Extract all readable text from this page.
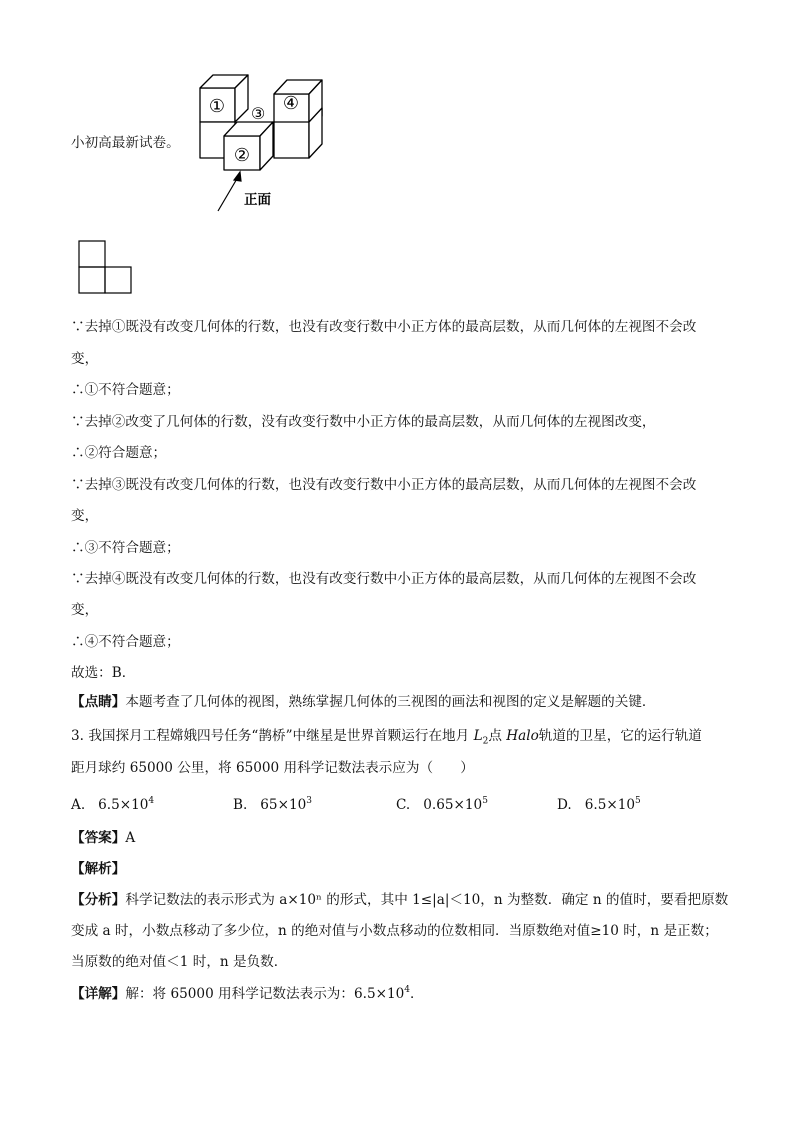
小初高最新试卷。
①
②
③ ④
正面
∵去掉①既没有改变几何体的行数，也没有改变行数中小正方体的最高层数，从而几何体的左视图不会改
变，
∴①不符合题意；
∵去掉②改变了几何体的行数，没有改变行数中小正方体的最高层数，从而几何体的左视图改变，
∴②符合题意；
∵去掉③既没有改变几何体的行数，也没有改变行数中小正方体的最高层数，从而几何体的左视图不会改
变，
∴③不符合题意；
∵去掉④既没有改变几何体的行数，也没有改变行数中小正方体的最高层数，从而几何体的左视图不会改
变，
∴④不符合题意；
故选：B．
【点睛】本题考查了几何体的视图，熟练掌握几何体的三视图的画法和视图的定义是解题的关键．
3. 我国探月工程嫦娥四号任务“鹊桥”中继星是世界首颗运行在地月 $L_2$点 Halo轨道的卫星，它的运行轨道
距月球约 65000 公里，将 65000 用科学记数法表示应为（　　）
A. $6.5\times 10^4$	B. $65\times 10^3$	C. $0.65\times 10^5$	D. $6.5\times 10^5$
【答案】A
【解析】
【分析】科学记数法的表示形式为 a×10ⁿ 的形式，其中 1≤|a|＜10，n 为整数．确定 n 的值时，要看把原数
变成 a 时，小数点移动了多少位，n 的绝对值与小数点移动的位数相同．当原数绝对值≥10 时，n 是正数；
当原数的绝对值＜1 时，n 是负数．
【详解】解：将 65000 用科学记数法表示为：$6.5\times 10^4$．
